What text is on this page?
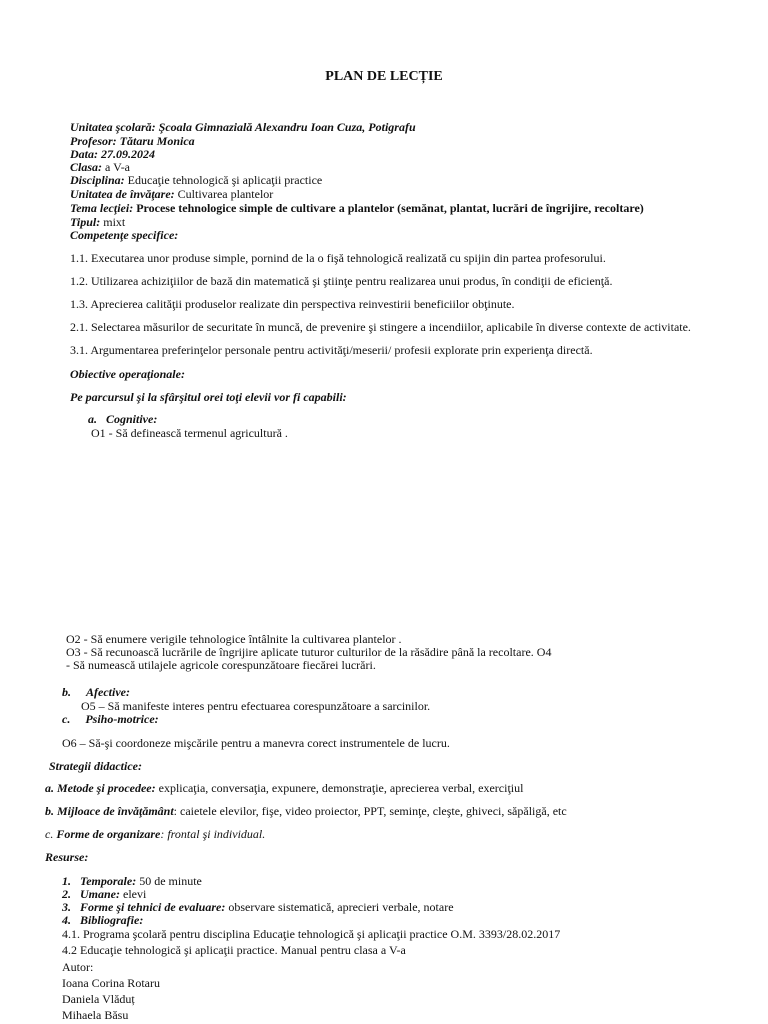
PLAN DE LECȚIE
Unitatea şcolară: Şcoala Gimnazială Alexandru Ioan Cuza, Potigrafu
Profesor: Tătaru Monica
Data: 27.09.2024
Clasa: a V-a
Disciplina: Educaţie tehnologică şi aplicaţii practice
Unitatea de învăţare: Cultivarea plantelor
Tema lecţiei: Procese tehnologice simple de cultivare a plantelor (semănat, plantat, lucrări de îngrijire, recoltare)
Tipul: mixt
Competenţe specifice:
1.1. Executarea unor produse simple, pornind de la o fişă tehnologică realizată cu spijin din partea profesorului.
1.2. Utilizarea achiziţiilor de bază din matematică şi ştiinţe pentru realizarea unui produs, în condiţii de eficienţă.
1.3. Aprecierea calităţii produselor realizate din perspectiva reinvestirii beneficiilor obţinute.
2.1. Selectarea măsurilor de securitate în muncă, de prevenire şi stingere a incendiilor, aplicabile în diverse contexte de activitate.
3.1. Argumentarea preferinţelor personale pentru activităţi/meserii/ profesii explorate prin experienţa directă.
Obiective operaţionale:
Pe parcursul şi la sfârşitul orei toţi elevii vor fi capabili:
a. Cognitive:
O1 - Să definească termenul agricultură .
O2 - Să enumere verigile tehnologice întâlnite la cultivarea plantelor .
O3 - Să recunoască lucrările de îngrijire aplicate tuturor culturilor de la răsădire până la recoltare. O4
- Să numească utilajele agricole corespunzătoare fiecărei lucrări.
b. Afective:
O5 – Să manifeste interes pentru efectuarea corespunzătoare a sarcinilor.
c. Psiho-motrice:
O6 – Să-şi coordoneze mişcările pentru a manevra corect instrumentele de lucru.
Strategii didactice:
a. Metode şi procedee: explicaţia, conversaţia, expunere, demonstraţie, aprecierea verbal, exerciţiul
b. Mijloace de învăţământ: caietele elevilor, fişe, video proiector, PPT, seminţe, cleşte, ghiveci, săpăligă, etc
c. Forme de organizare: frontal şi individual.
Resurse:
1. Temporale: 50 de minute
2. Umane: elevi
3. Forme şi tehnici de evaluare: observare sistematică, aprecieri verbale, notare
4. Bibliografie:
4.1. Programa şcolară pentru disciplina Educaţie tehnologică şi aplicaţii practice O.M. 3393/28.02.2017
4.2 Educaţie tehnologică şi aplicaţii practice. Manual pentru clasa a V-a
Autor:
Ioana Corina Rotaru
Daniela Vlăduț
Mihaela Băsu
